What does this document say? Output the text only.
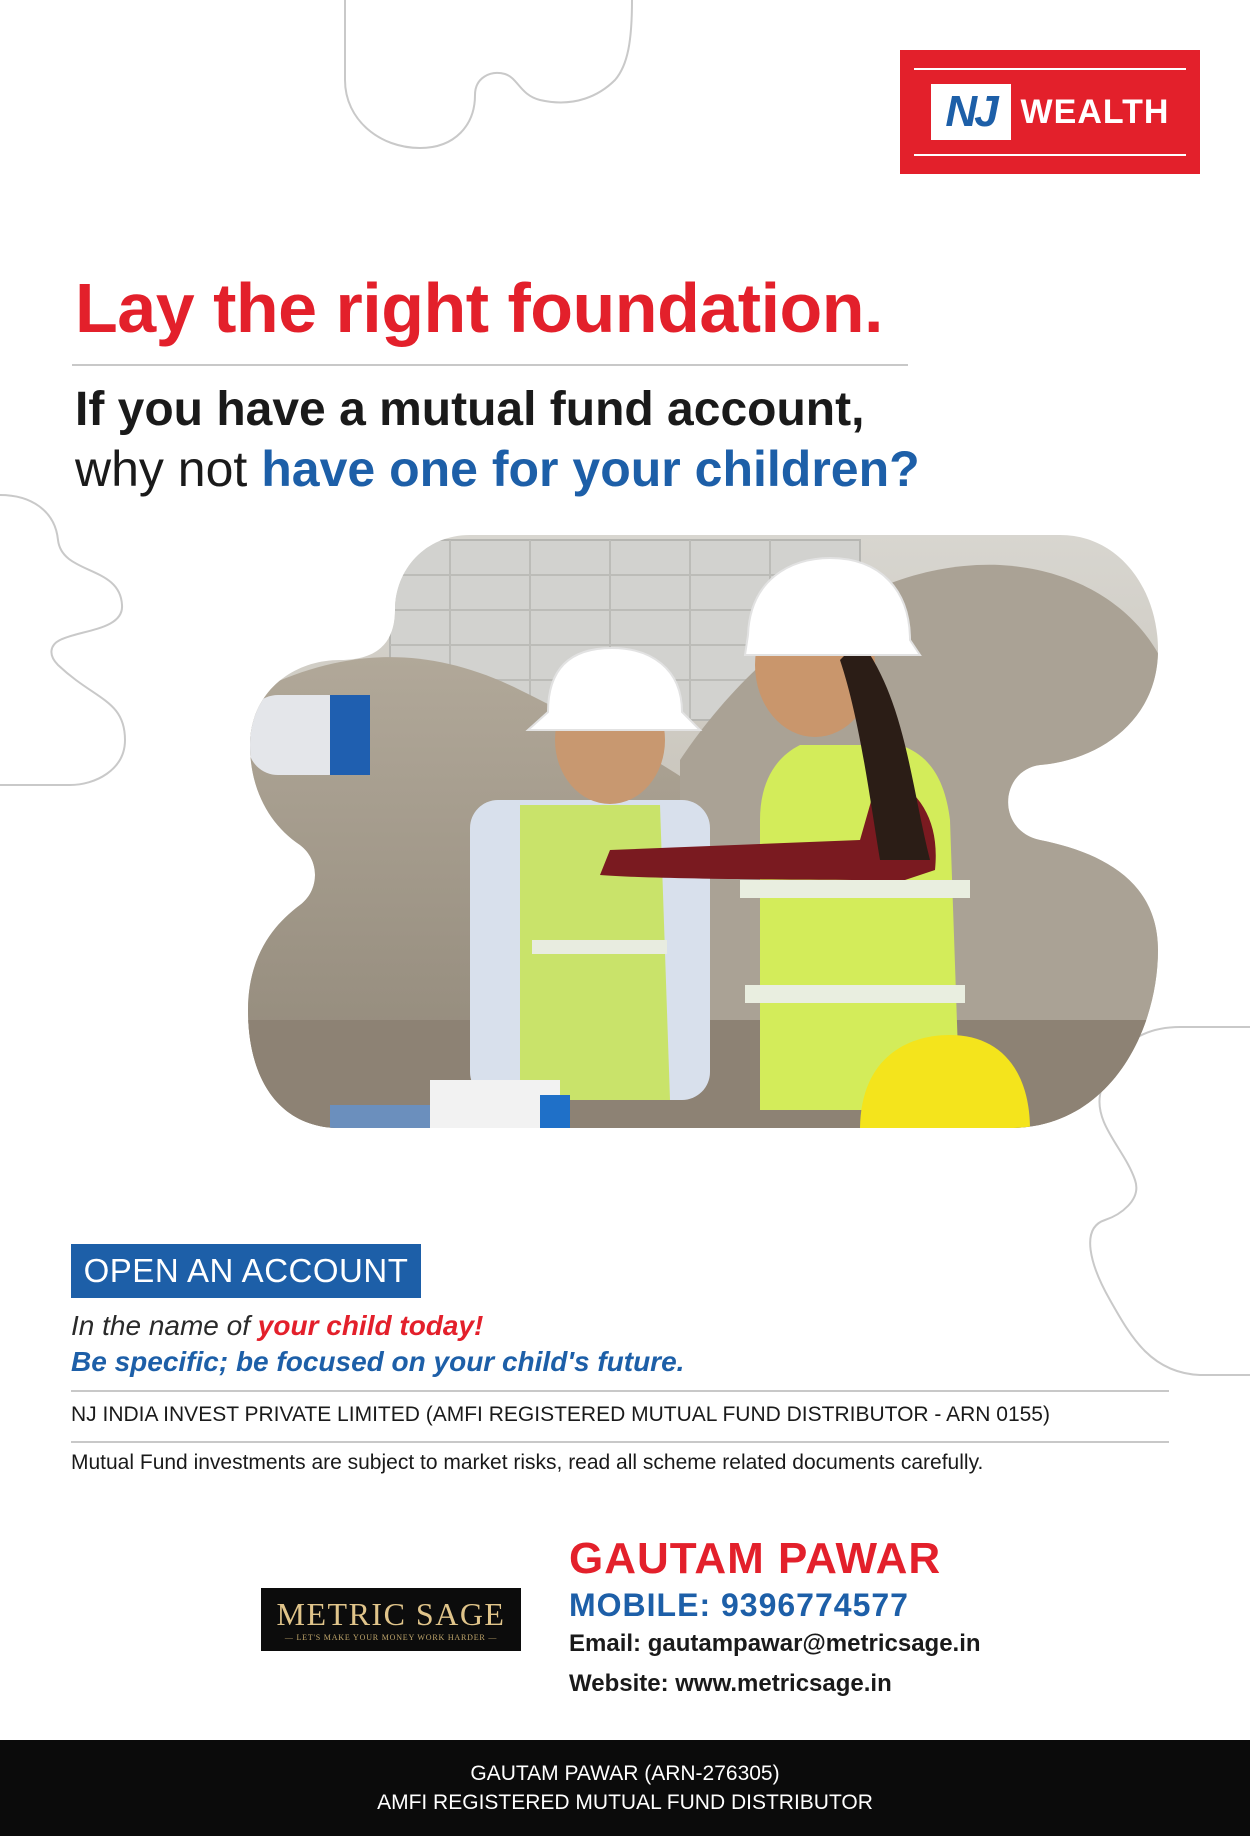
NJ WEALTH
Lay the right foundation.
If you have a mutual fund account,
why not have one for your children?
OPEN AN ACCOUNT
In the name of your child today!
Be specific; be focused on your child's future.
NJ INDIA INVEST PRIVATE LIMITED (AMFI REGISTERED MUTUAL FUND DISTRIBUTOR - ARN 0155)
Mutual Fund investments are subject to market risks, read all scheme related documents carefully.
METRIC SAGE
— LET'S MAKE YOUR MONEY WORK HARDER —
GAUTAM PAWAR
MOBILE: 9396774577
Email: gautampawar@metricsage.in
Website: www.metricsage.in
GAUTAM PAWAR (ARN-276305)
AMFI REGISTERED MUTUAL FUND DISTRIBUTOR
